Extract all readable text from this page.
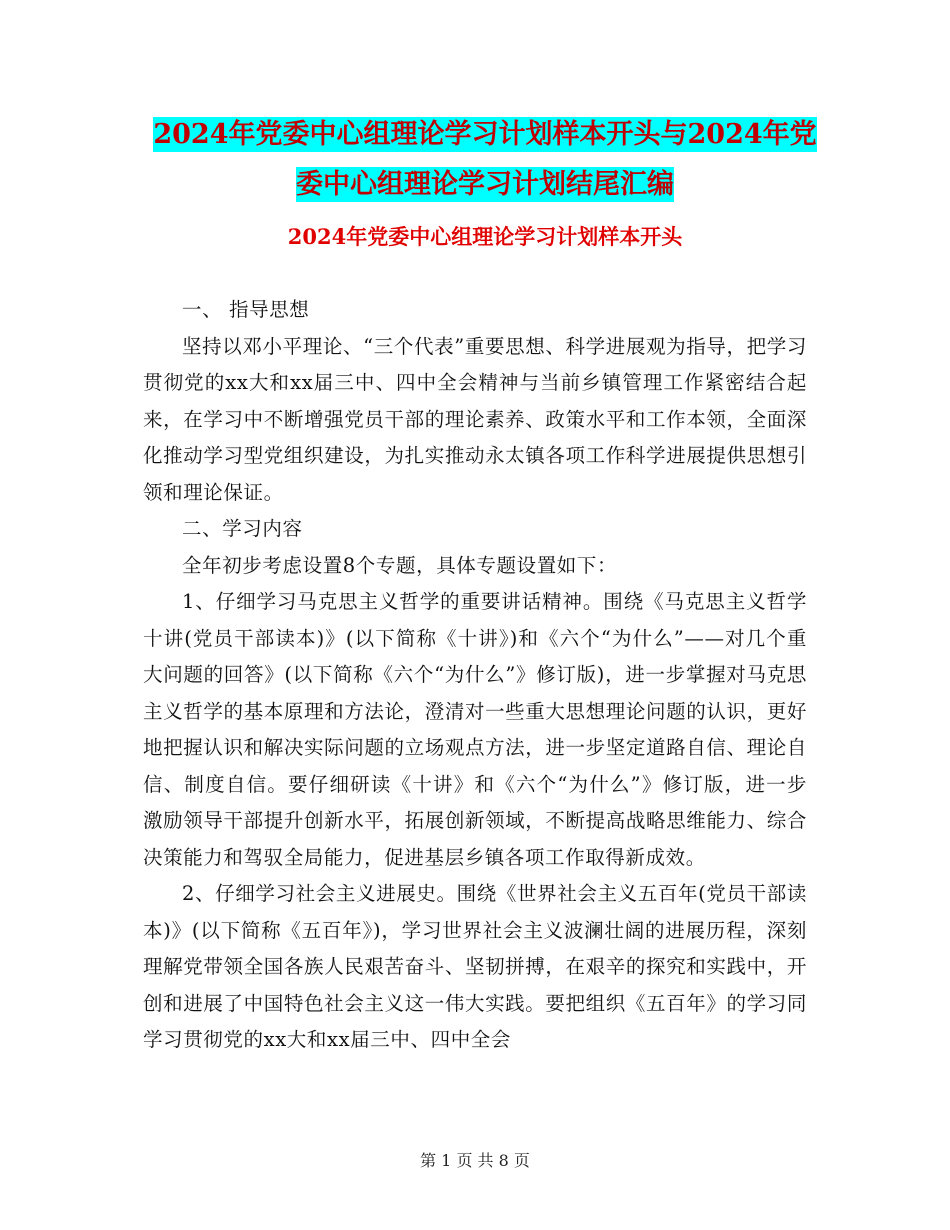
2024年党委中心组理论学习计划样本开头与2024年党
委中心组理论学习计划结尾汇编
2024年党委中心组理论学习计划样本开头

一、 指导思想

坚持以邓小平理论、“三个代表”重要思想、科学进展观为指导，把学习贯彻党的xx大和xx届三中、四中全会精神与当前乡镇管理工作紧密结合起来，在学习中不断增强党员干部的理论素养、政策水平和工作本领，全面深化推动学习型党组织建设，为扎实推动永太镇各项工作科学进展提供思想引领和理论保证。

二、学习内容

全年初步考虑设置8个专题，具体专题设置如下：

1、仔细学习马克思主义哲学的重要讲话精神。围绕《马克思主义哲学十讲(党员干部读本)》(以下简称《十讲》)和《六个“为什么”——对几个重大问题的回答》(以下简称《六个“为什么”》修订版)，进一步掌握对马克思主义哲学的基本原理和方法论，澄清对一些重大思想理论问题的认识，更好地把握认识和解决实际问题的立场观点方法，进一步坚定道路自信、理论自信、制度自信。要仔细研读《十讲》和《六个“为什么”》修订版，进一步激励领导干部提升创新水平，拓展创新领域，不断提高战略思维能力、综合决策能力和驾驭全局能力，促进基层乡镇各项工作取得新成效。

2、仔细学习社会主义进展史。围绕《世界社会主义五百年(党员干部读本)》(以下简称《五百年》)，学习世界社会主义波澜壮阔的进展历程，深刻理解党带领全国各族人民艰苦奋斗、坚韧拼搏，在艰辛的探究和实践中，开创和进展了中国特色社会主义这一伟大实践。要把组织《五百年》的学习同学习贯彻党的xx大和xx届三中、四中全会

第 1 页 共 8 页
